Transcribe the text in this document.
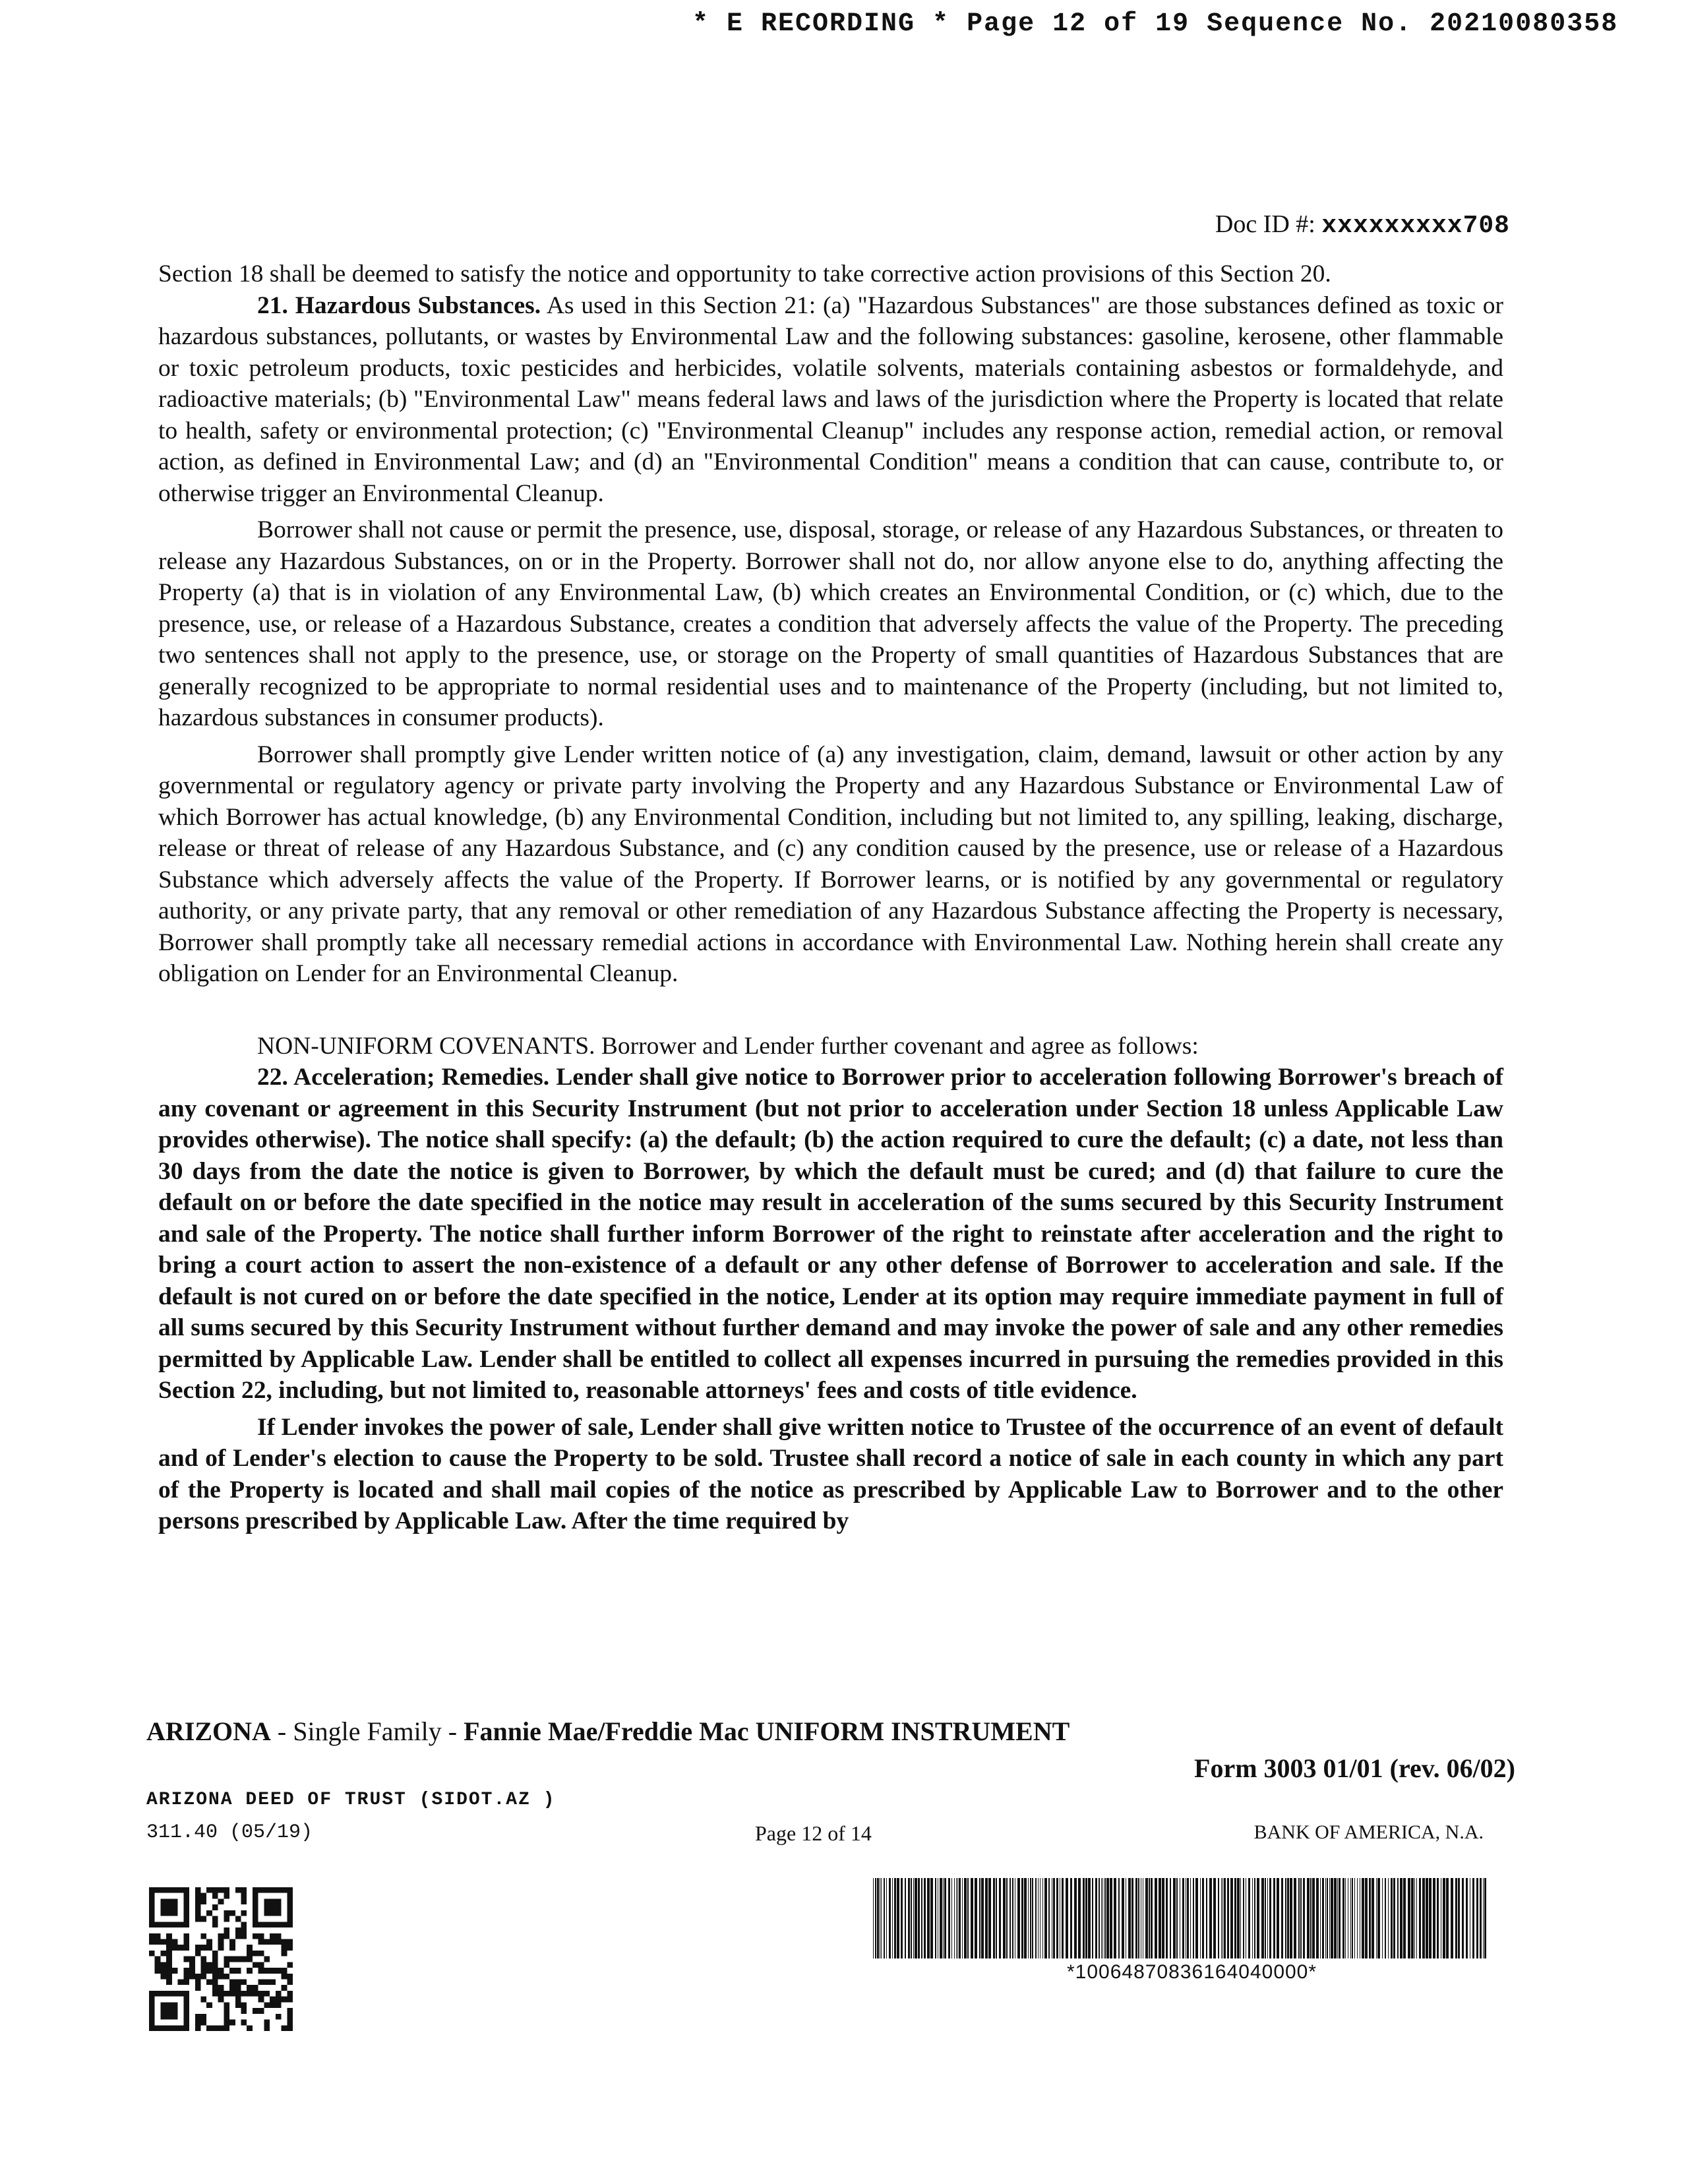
* E RECORDING * Page 12 of 19 Sequence No. 20210080358
Doc ID #: xxxxxxxxx708

Section 18 shall be deemed to satisfy the notice and opportunity to take corrective action provisions of this Section 20.

21. Hazardous Substances. As used in this Section 21: (a) "Hazardous Substances" are those substances defined as toxic or hazardous substances, pollutants, or wastes by Environmental Law and the following substances: gasoline, kerosene, other flammable or toxic petroleum products, toxic pesticides and herbicides, volatile solvents, materials containing asbestos or formaldehyde, and radioactive materials; (b) "Environmental Law" means federal laws and laws of the jurisdiction where the Property is located that relate to health, safety or environmental protection; (c) "Environmental Cleanup" includes any response action, remedial action, or removal action, as defined in Environmental Law; and (d) an "Environmental Condition" means a condition that can cause, contribute to, or otherwise trigger an Environmental Cleanup.

Borrower shall not cause or permit the presence, use, disposal, storage, or release of any Hazardous Substances, or threaten to release any Hazardous Substances, on or in the Property. Borrower shall not do, nor allow anyone else to do, anything affecting the Property (a) that is in violation of any Environmental Law, (b) which creates an Environmental Condition, or (c) which, due to the presence, use, or release of a Hazardous Substance, creates a condition that adversely affects the value of the Property. The preceding two sentences shall not apply to the presence, use, or storage on the Property of small quantities of Hazardous Substances that are generally recognized to be appropriate to normal residential uses and to maintenance of the Property (including, but not limited to, hazardous substances in consumer products).

Borrower shall promptly give Lender written notice of (a) any investigation, claim, demand, lawsuit or other action by any governmental or regulatory agency or private party involving the Property and any Hazardous Substance or Environmental Law of which Borrower has actual knowledge, (b) any Environmental Condition, including but not limited to, any spilling, leaking, discharge, release or threat of release of any Hazardous Substance, and (c) any condition caused by the presence, use or release of a Hazardous Substance which adversely affects the value of the Property. If Borrower learns, or is notified by any governmental or regulatory authority, or any private party, that any removal or other remediation of any Hazardous Substance affecting the Property is necessary, Borrower shall promptly take all necessary remedial actions in accordance with Environmental Law. Nothing herein shall create any obligation on Lender for an Environmental Cleanup.

NON-UNIFORM COVENANTS. Borrower and Lender further covenant and agree as follows:

22. Acceleration; Remedies. Lender shall give notice to Borrower prior to acceleration following Borrower's breach of any covenant or agreement in this Security Instrument (but not prior to acceleration under Section 18 unless Applicable Law provides otherwise). The notice shall specify: (a) the default; (b) the action required to cure the default; (c) a date, not less than 30 days from the date the notice is given to Borrower, by which the default must be cured; and (d) that failure to cure the default on or before the date specified in the notice may result in acceleration of the sums secured by this Security Instrument and sale of the Property. The notice shall further inform Borrower of the right to reinstate after acceleration and the right to bring a court action to assert the non-existence of a default or any other defense of Borrower to acceleration and sale. If the default is not cured on or before the date specified in the notice, Lender at its option may require immediate payment in full of all sums secured by this Security Instrument without further demand and may invoke the power of sale and any other remedies permitted by Applicable Law. Lender shall be entitled to collect all expenses incurred in pursuing the remedies provided in this Section 22, including, but not limited to, reasonable attorneys' fees and costs of title evidence.

If Lender invokes the power of sale, Lender shall give written notice to Trustee of the occurrence of an event of default and of Lender's election to cause the Property to be sold. Trustee shall record a notice of sale in each county in which any part of the Property is located and shall mail copies of the notice as prescribed by Applicable Law to Borrower and to the other persons prescribed by Applicable Law. After the time required by

ARIZONA - Single Family - Fannie Mae/Freddie Mac UNIFORM INSTRUMENT
Form 3003 01/01 (rev. 06/02)
ARIZONA DEED OF TRUST (SIDOT.AZ )
311.40 (05/19)	Page 12 of 14	BANK OF AMERICA, N.A.
*10064870836164040000*
